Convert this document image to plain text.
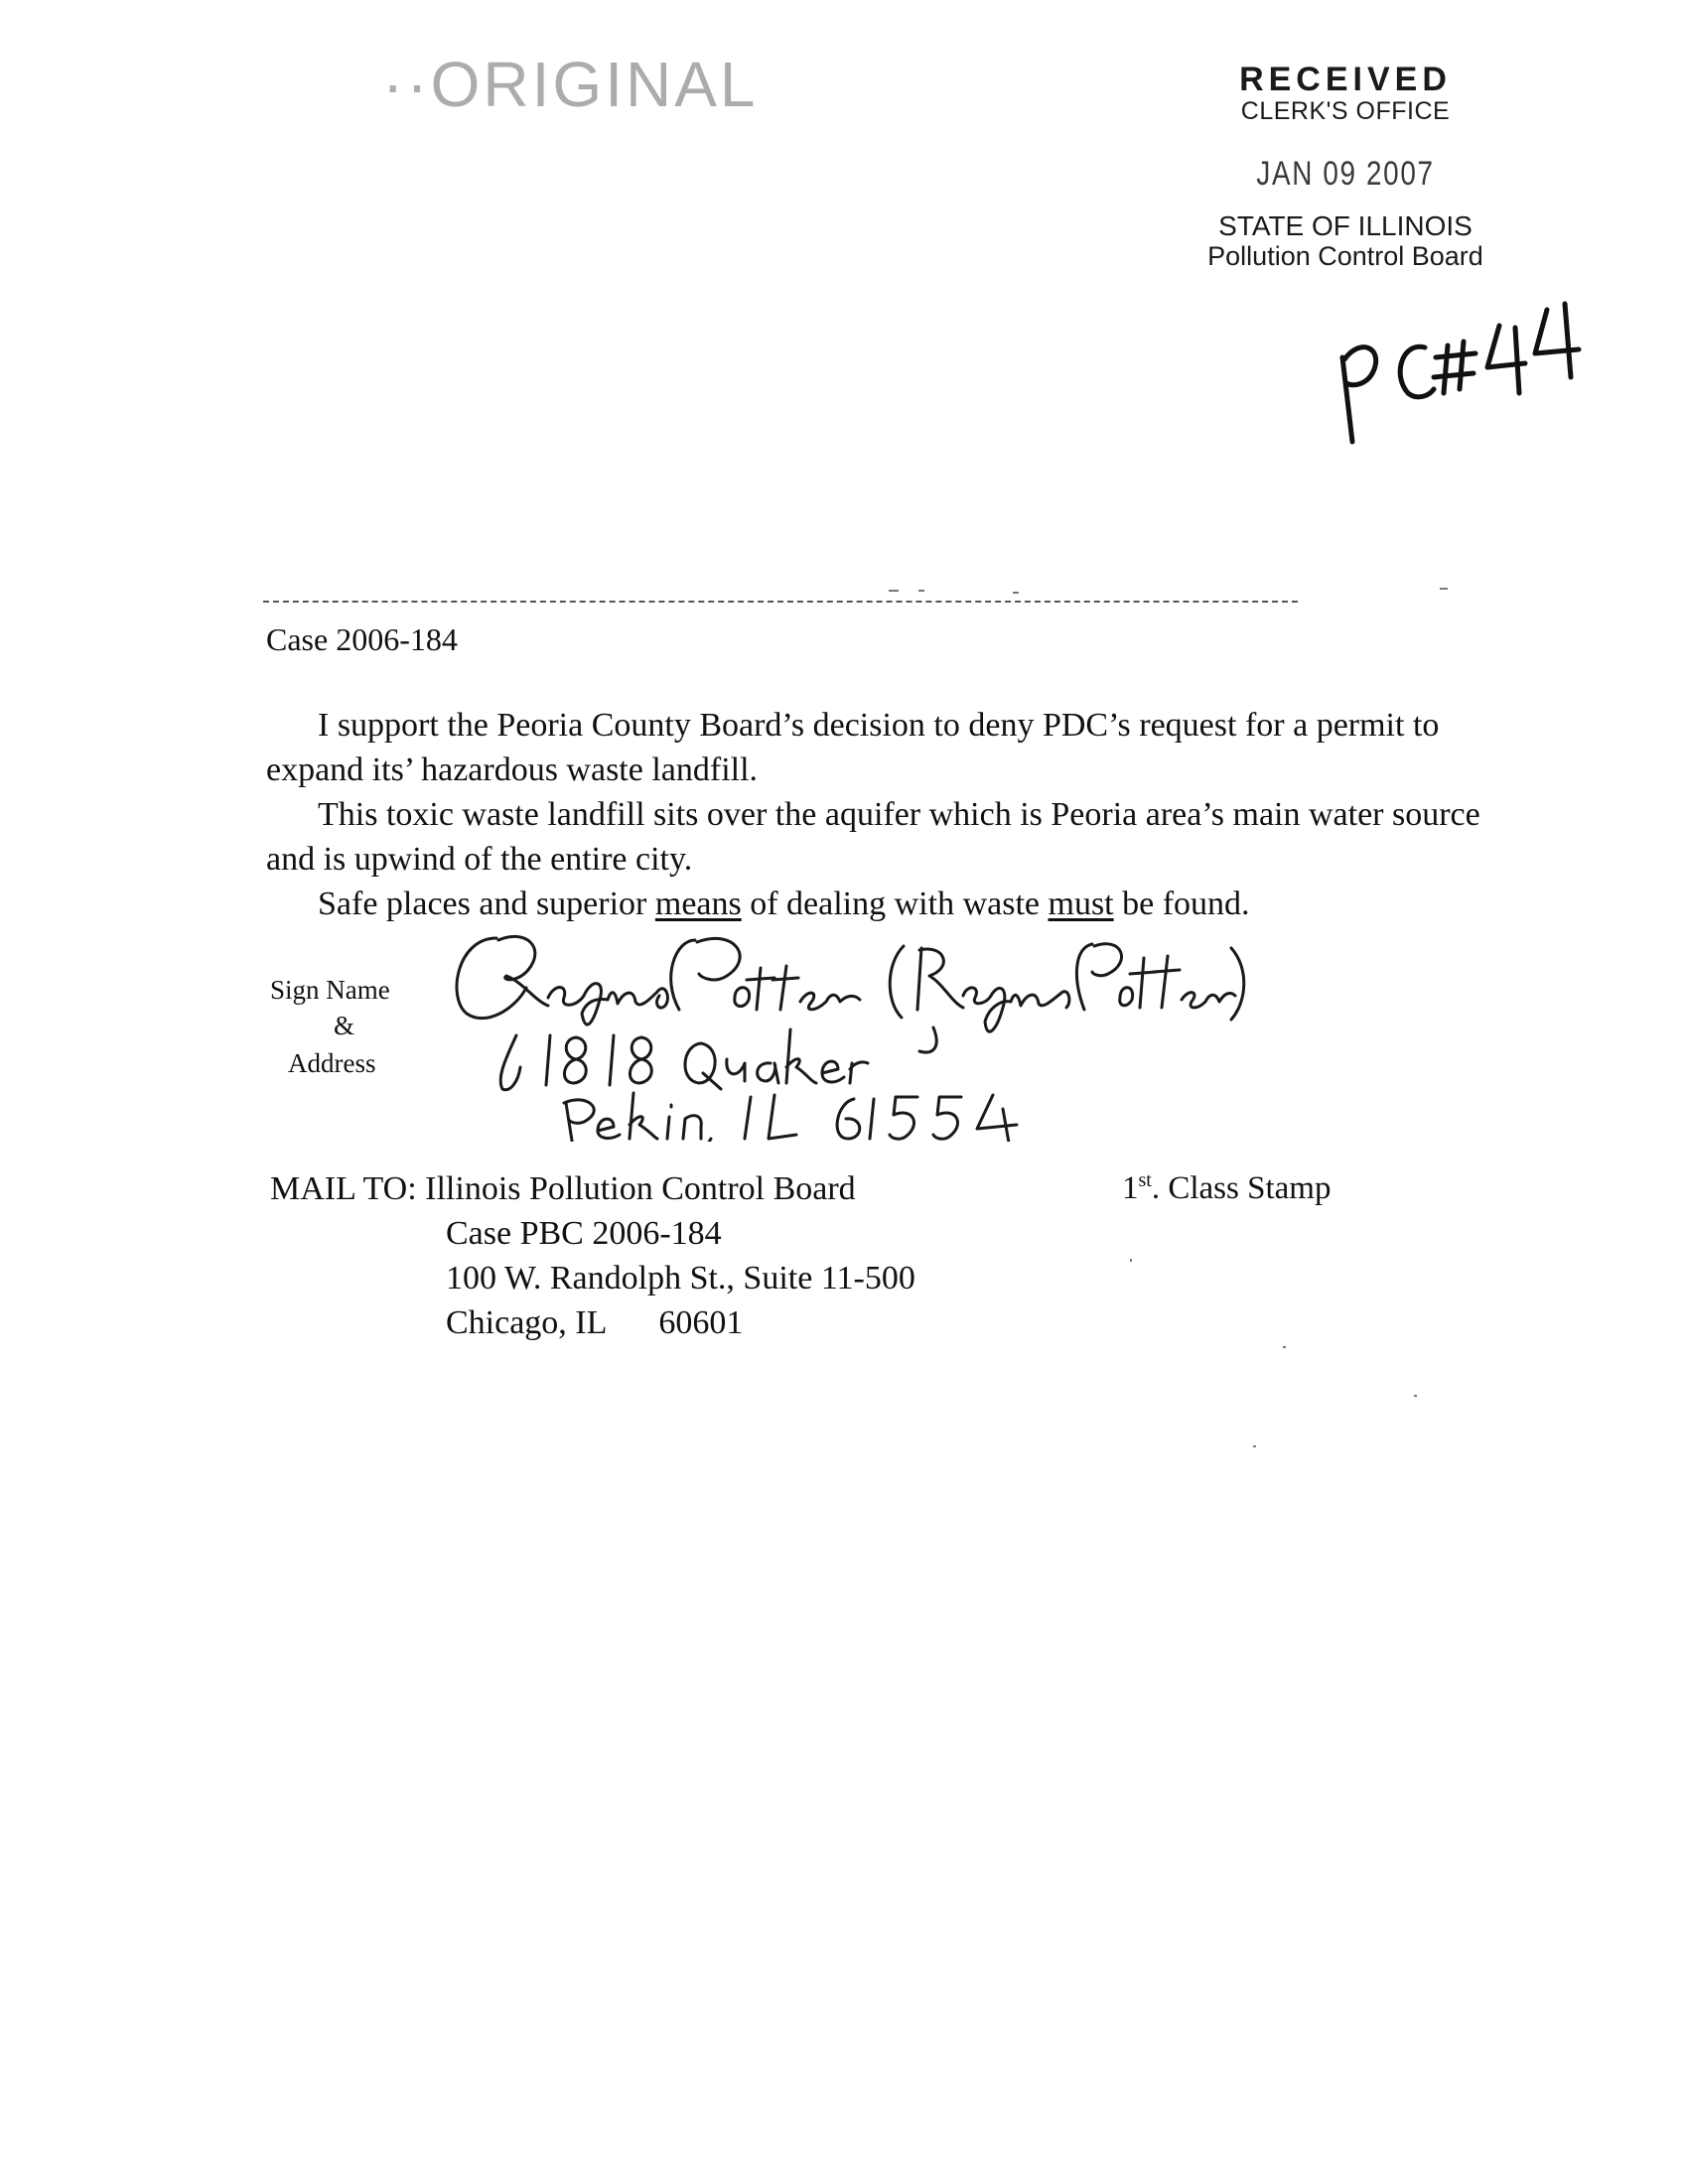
··ORIGINAL	RECEIVED
CLERK'S OFFICE
JAN 09 2007
STATE OF ILLINOIS
Pollution Control Board
Case 2006-184
I support the Peoria County Board’s decision to deny PDC’s request for a permit to expand its’ hazardous waste landfill.
This toxic waste landfill sits over the aquifer which is Peoria area’s main water source and is upwind of the entire city.
Safe places and superior means of dealing with waste must be found.
Sign Name
&
Address
MAIL TO: Illinois Pollution Control Board
Case PBC 2006-184
100 W. Randolph St., Suite 11-500
Chicago, IL 60601
1st. Class Stamp
